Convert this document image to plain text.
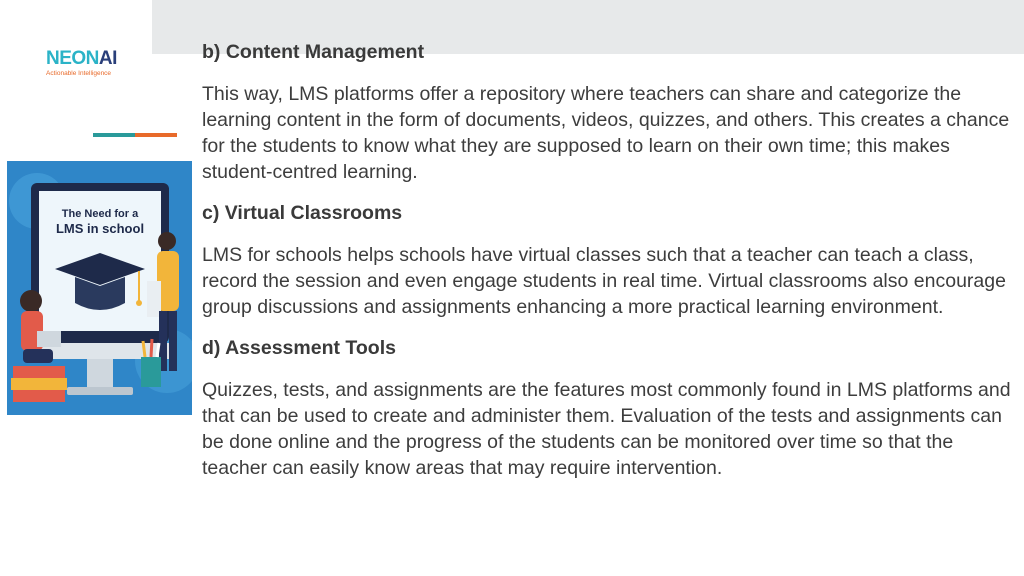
NEONAI
Actionable Intelligence
The Need for a
LMS in school

b) Content Management

This way, LMS platforms offer a repository where teachers can share and categorize the learning content in the form of documents, videos, quizzes, and others. This creates a chance for the students to know what they are supposed to learn on their own time; this makes student-centred learning.

c) Virtual Classrooms

LMS for schools helps schools have virtual classes such that a teacher can teach a class, record the session and even engage students in real time. Virtual classrooms also encourage group discussions and assignments enhancing a more practical learning environment.

d) Assessment Tools

Quizzes, tests, and assignments are the features most commonly found in LMS platforms and that can be used to create and administer them. Evaluation of the tests and assignments can be done online and the progress of the students can be monitored over time so that the teacher can easily know areas that may require intervention.
